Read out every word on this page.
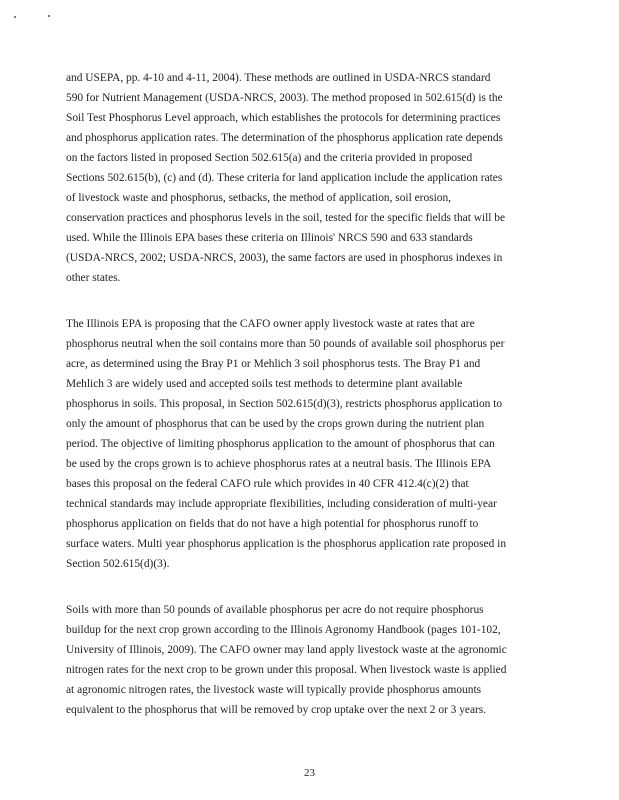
and USEPA, pp. 4-10 and 4-11, 2004). These methods are outlined in USDA-NRCS standard
590 for Nutrient Management (USDA-NRCS, 2003). The method proposed in 502.615(d) is the
Soil Test Phosphorus Level approach, which establishes the protocols for determining practices
and phosphorus application rates. The determination of the phosphorus application rate depends
on the factors listed in proposed Section 502.615(a) and the criteria provided in proposed
Sections 502.615(b), (c) and (d). These criteria for land application include the application rates
of livestock waste and phosphorus, setbacks, the method of application, soil erosion,
conservation practices and phosphorus levels in the soil, tested for the specific fields that will be
used. While the Illinois EPA bases these criteria on Illinois' NRCS 590 and 633 standards
(USDA-NRCS, 2002; USDA-NRCS, 2003), the same factors are used in phosphorus indexes in
other states.
The Illinois EPA is proposing that the CAFO owner apply livestock waste at rates that are
phosphorus neutral when the soil contains more than 50 pounds of available soil phosphorus per
acre, as determined using the Bray P1 or Mehlich 3 soil phosphorus tests. The Bray P1 and
Mehlich 3 are widely used and accepted soils test methods to determine plant available
phosphorus in soils. This proposal, in Section 502.615(d)(3), restricts phosphorus application to
only the amount of phosphorus that can be used by the crops grown during the nutrient plan
period. The objective of limiting phosphorus application to the amount of phosphorus that can
be used by the crops grown is to achieve phosphorus rates at a neutral basis. The Illinois EPA
bases this proposal on the federal CAFO rule which provides in 40 CFR 412.4(c)(2) that
technical standards may include appropriate flexibilities, including consideration of multi-year
phosphorus application on fields that do not have a high potential for phosphorus runoff to
surface waters. Multi year phosphorus application is the phosphorus application rate proposed in
Section 502.615(d)(3).
Soils with more than 50 pounds of available phosphorus per acre do not require phosphorus
buildup for the next crop grown according to the Illinois Agronomy Handbook (pages 101-102,
University of Illinois, 2009). The CAFO owner may land apply livestock waste at the agronomic
nitrogen rates for the next crop to be grown under this proposal. When livestock waste is applied
at agronomic nitrogen rates, the livestock waste will typically provide phosphorus amounts
equivalent to the phosphorus that will be removed by crop uptake over the next 2 or 3 years.
23
